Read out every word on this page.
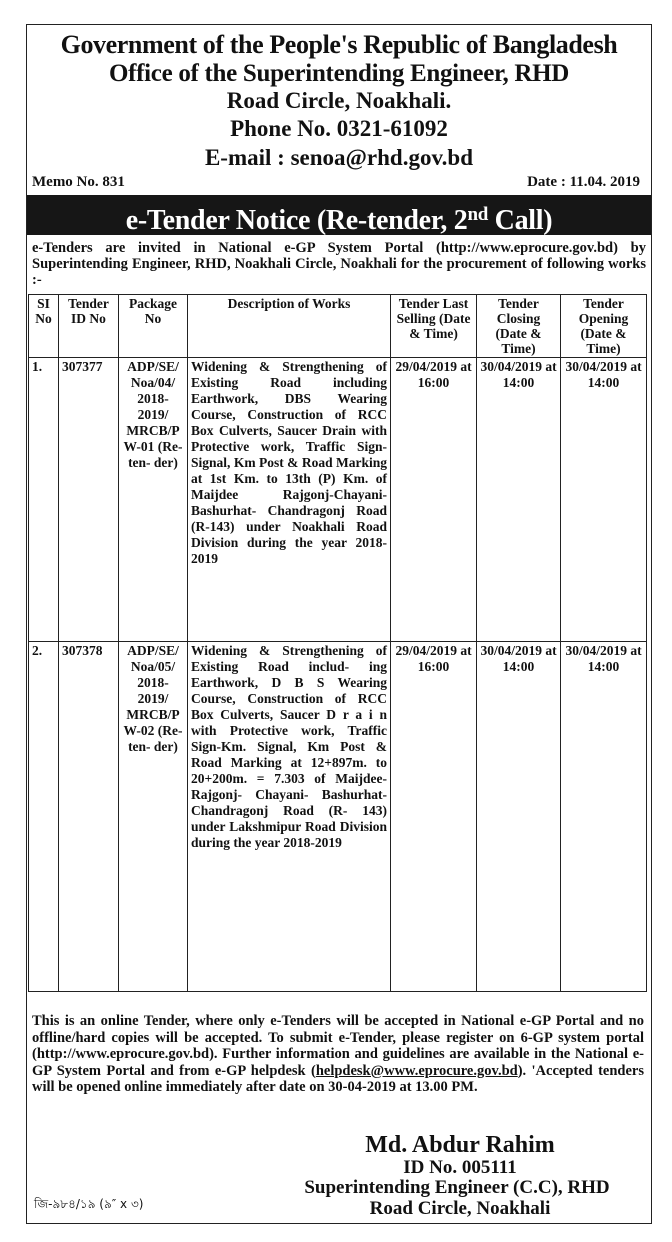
Government of the People's Republic of Bangladesh
Office of the Superintending Engineer, RHD
Road Circle, Noakhali.
Phone No. 0321-61092
E-mail : senoa@rhd.gov.bd
Memo No. 831	Date : 11.04. 2019
e-Tender Notice (Re-tender, 2nd Call)
e-Tenders are invited in National e-GP System Portal (http://www.eprocure.gov.bd) by Superintending Engineer, RHD, Noakhali Circle, Noakhali for the procurement of following works :-
SI No	Tender ID No	Package No	Description of Works	Tender Last Selling (Date & Time)	Tender Closing (Date & Time)	Tender Opening (Date & Time)
1.	307377	ADP/SE/ Noa/04/ 2018- 2019/ MRCB/P W-01 (Re-ten- der)	Widening & Strengthening of Existing Road including Earthwork, DBS Wearing Course, Construction of RCC Box Culverts, Saucer Drain with Protective work, Traffic Sign- Signal, Km Post & Road Marking at 1st Km. to 13th (P) Km. of Maijdee Rajgonj-Chayani- Bashurhat- Chandragonj Road (R-143) under Noakhali Road Division during the year 2018-2019	29/04/2019 at 16:00	30/04/2019 at 14:00	30/04/2019 at 14:00
2.	307378	ADP/SE/ Noa/05/ 2018- 2019/ MRCB/P W-02 (Re-ten- der)	Widening & Strengthening of Existing Road includ- ing Earthwork, D B S Wearing Course, Construction of RCC Box Culverts, Saucer D r a i n with Protective work, Traffic Sign-Km. Signal, Km Post & Road Marking at 12+897m. to 20+200m. = 7.303 of Maijdee-Rajgonj- Chayani- Bashurhat- Chandragonj Road (R- 143) under Lakshmipur Road Division during the year 2018-2019	29/04/2019 at 16:00	30/04/2019 at 14:00	30/04/2019 at 14:00
This is an online Tender, where only e-Tenders will be accepted in National e-GP Portal and no offline/hard copies will be accepted. To submit e-Tender, please register on 6-GP system portal (http://www.eprocure.gov.bd). Further information and guidelines are available in the National e-GP System Portal and from e-GP helpdesk (helpdesk@www.eprocure.gov.bd). 'Accepted tenders will be opened online immediately after date on 30-04-2019 at 13.00 PM.
Md. Abdur Rahim
ID No. 005111
Superintending Engineer (C.C), RHD
Road Circle, Noakhali
জি-৯৮৪/১৯ (৯″ x ৩)
